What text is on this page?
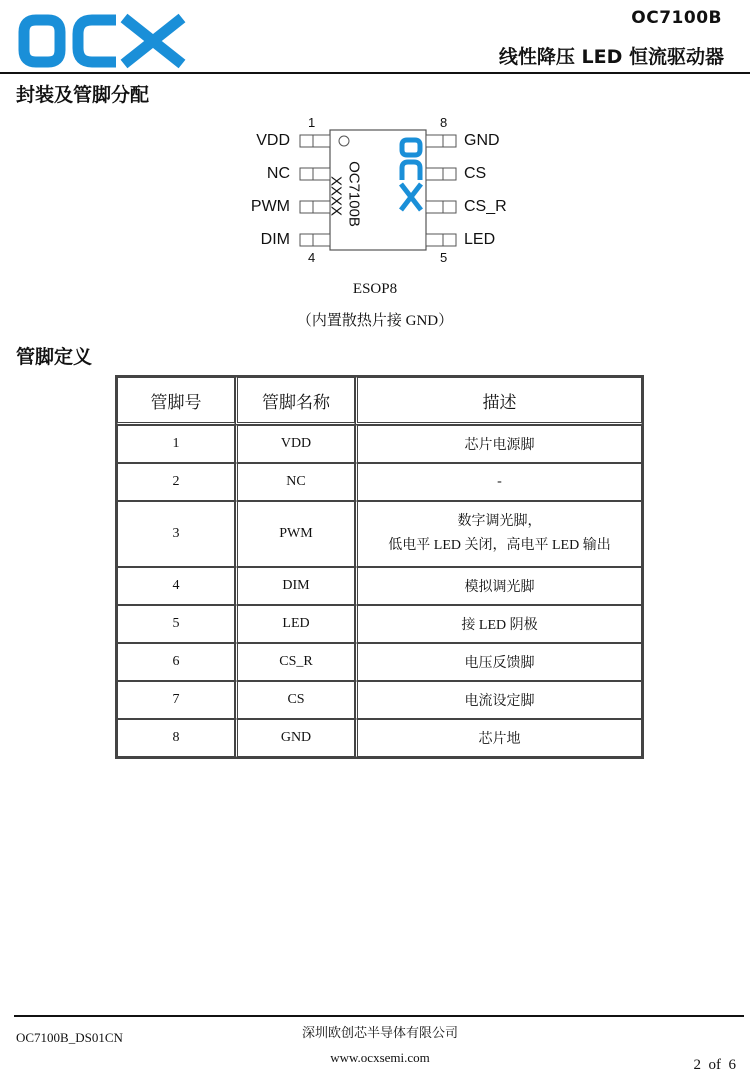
OC7100B
线性降压 LED 恒流驱动器
封装及管脚分配
1	8
4	5
OC7100B
XXXX
VDD
NC
PWM
DIM
GND
CS
CS_R
LED
ESOP8
（内置散热片接 GND）
管脚定义
管脚号	管脚名称	描述
1	VDD	芯片电源脚
2	NC	-
3	PWM	数字调光脚，
低电平 LED 关闭，高电平 LED 输出

4	DIM	模拟调光脚
5	LED	接 LED 阴极
6	CS_R	电压反馈脚
7	CS	电流设定脚
8	GND	芯片地
OC7100B_DS01CN	深圳欧创芯半导体有限公司
www.ocxsemi.com	2  of  6
